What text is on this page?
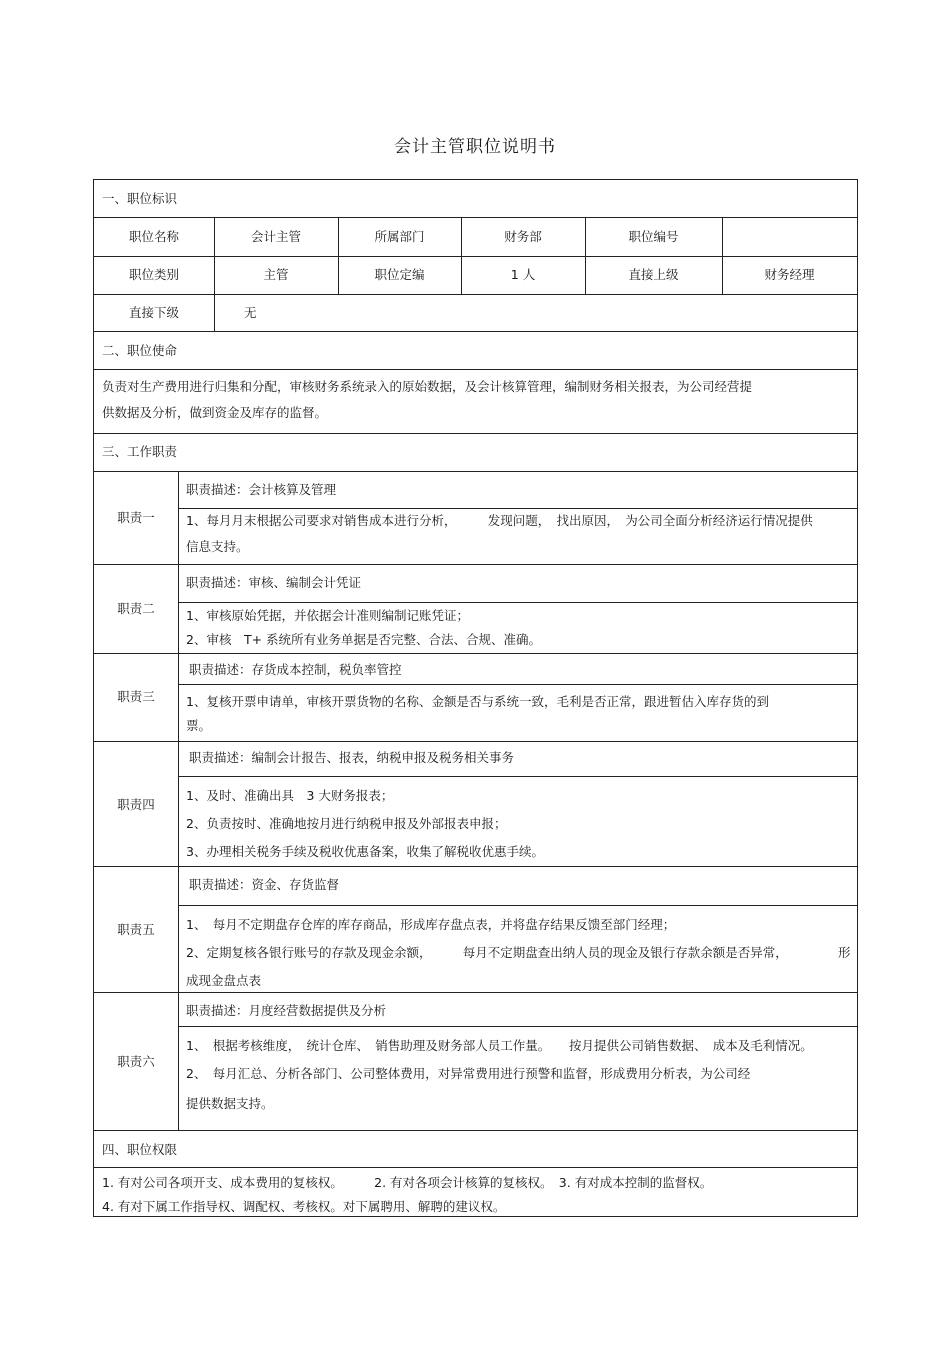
会计主管职位说明书
一、职位标识
职位名称	会计主管	所属部门	财务部	职位编号
职位类别	主管	职位定编	1 人	直接上级	财务经理
直接下级	无
二、职位使命
负责对生产费用进行归集和分配，审核财务系统录入的原始数据，及会计核算管理，编制财务相关报表，为公司经营提
供数据及分析，做到资金及库存的监督。
三、工作职责
职责一
职责描述：会计核算及管理
1、每月月末根据公司要求对销售成本进行分析，　　　发现问题，　找出原因，　为公司全面分析经济运行情况提供
信息支持。
职责二
职责描述：审核、编制会计凭证
1、审核原始凭据，并依据会计准则编制记账凭证；
2、审核　T+ 系统所有业务单据是否完整、合法、合规、准确。
职责三
职责描述：存货成本控制，税负率管控
1、复核开票申请单，审核开票货物的名称、金额是否与系统一致，毛利是否正常，跟进暂估入库存货的到
票。
职责四
职责描述：编制会计报告、报表，纳税申报及税务相关事务
1、及时、准确出具　3 大财务报表；
2、负责按时、准确地按月进行纳税申报及外部报表申报；
3、办理相关税务手续及税收优惠备案，收集了解税收优惠手续。
职责五
职责描述：资金、存货监督
1、　每月不定期盘存仓库的库存商品，形成库存盘点表，并将盘存结果反馈至部门经理；
2、定期复核各银行账号的存款及现金余额，　　　每月不定期盘查出纳人员的现金及银行存款余额是否异常，	形
成现金盘点表
职责六
职责描述：月度经营数据提供及分析
1、　根据考核维度，　统计仓库、　销售助理及财务部人员工作量。　　按月提供公司销售数据、　成本及毛利情况。
2、　每月汇总、分析各部门、公司整体费用，对异常费用进行预警和监督，形成费用分析表，为公司经
提供数据支持。
四、职位权限
1. 有对公司各项开支、成本费用的复核权。　　　2. 有对各项会计核算的复核权。　3. 有对成本控制的监督权。
4. 有对下属工作指导权、调配权、考核权。对下属聘用、解聘的建议权。
